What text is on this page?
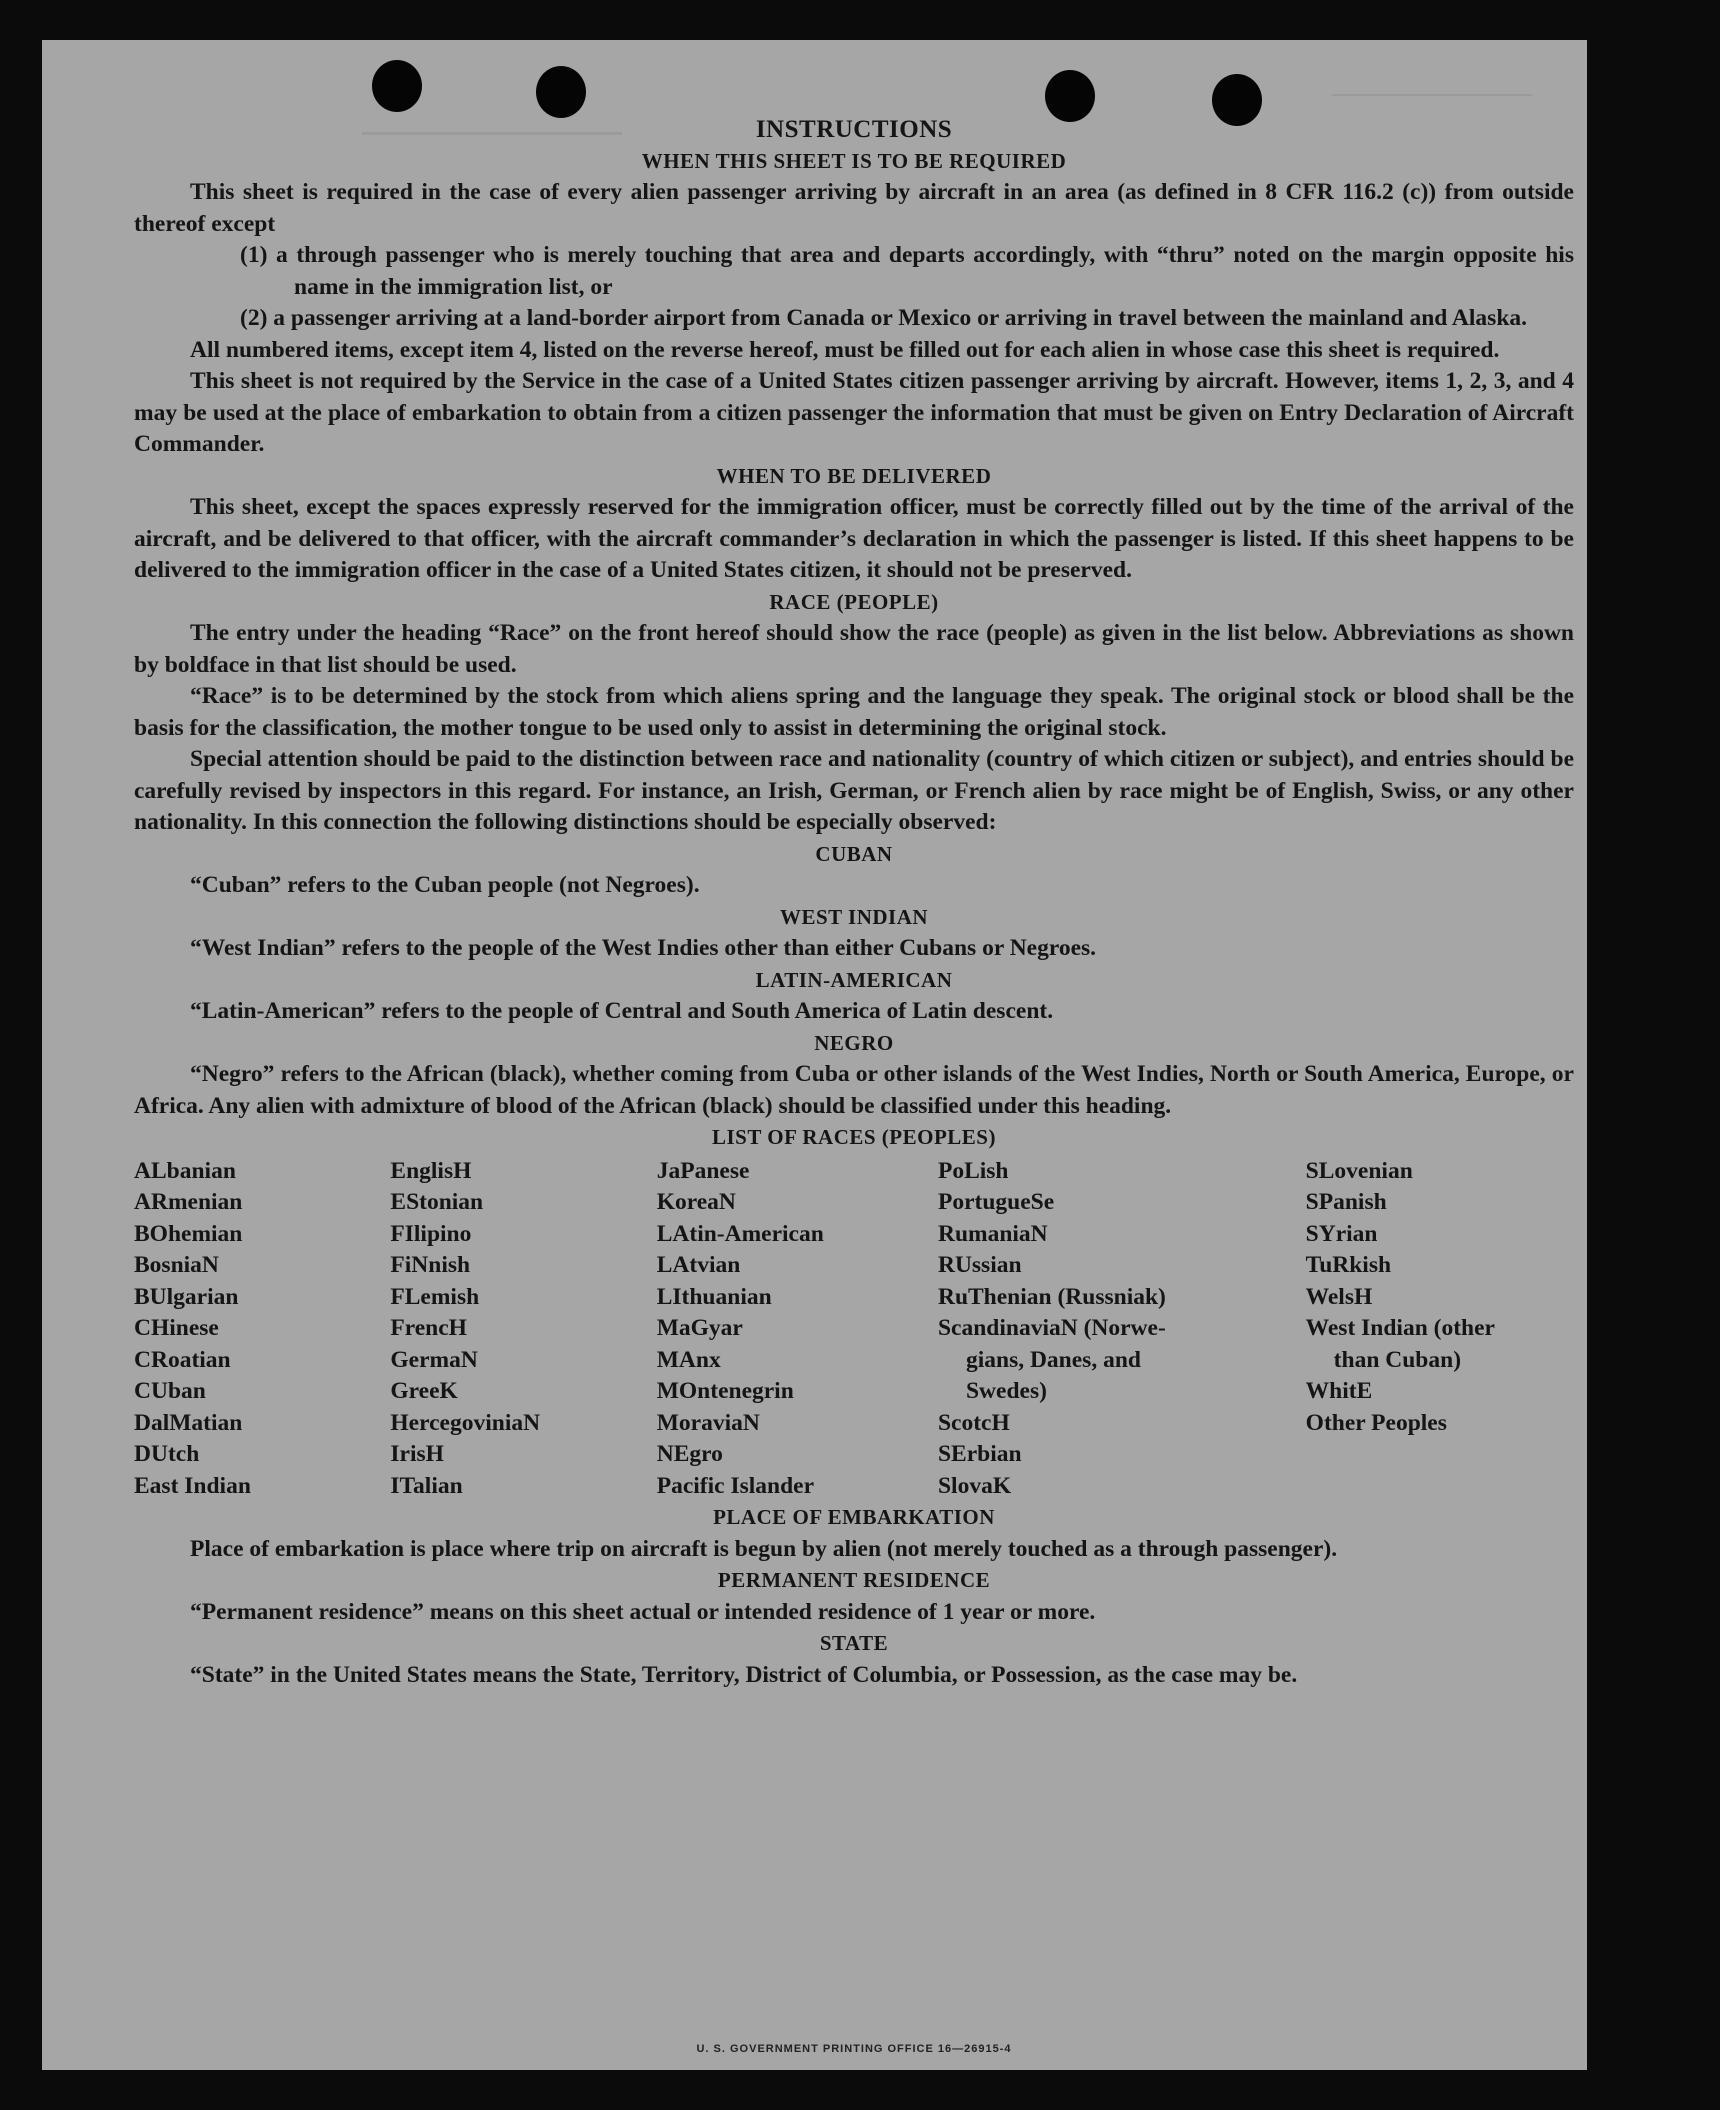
INSTRUCTIONS
WHEN THIS SHEET IS TO BE REQUIRED

This sheet is required in the case of every alien passenger arriving by aircraft in an area (as defined in 8 CFR 116.2 (c)) from outside thereof except

(1) a through passenger who is merely touching that area and departs accordingly, with “thru” noted on the margin opposite his name in the immigration list, or

(2) a passenger arriving at a land-border airport from Canada or Mexico or arriving in travel between the mainland and Alaska.

All numbered items, except item 4, listed on the reverse hereof, must be filled out for each alien in whose case this sheet is required.

This sheet is not required by the Service in the case of a United States citizen passenger arriving by aircraft. However, items 1, 2, 3, and 4 may be used at the place of embarkation to obtain from a citizen passenger the information that must be given on Entry Declaration of Aircraft Commander.

WHEN TO BE DELIVERED

This sheet, except the spaces expressly reserved for the immigration officer, must be correctly filled out by the time of the arrival of the aircraft, and be delivered to that officer, with the aircraft commander’s declaration in which the passenger is listed. If this sheet happens to be delivered to the immigration officer in the case of a United States citizen, it should not be preserved.

RACE (PEOPLE)

The entry under the heading “Race” on the front hereof should show the race (people) as given in the list below. Abbreviations as shown by boldface in that list should be used.

“Race” is to be determined by the stock from which aliens spring and the language they speak. The original stock or blood shall be the basis for the classification, the mother tongue to be used only to assist in determining the original stock.

Special attention should be paid to the distinction between race and nationality (country of which citizen or subject), and entries should be carefully revised by inspectors in this regard. For instance, an Irish, German, or French alien by race might be of English, Swiss, or any other nationality. In this connection the following distinctions should be especially observed:

CUBAN

“Cuban” refers to the Cuban people (not Negroes).

WEST INDIAN

“West Indian” refers to the people of the West Indies other than either Cubans or Negroes.

LATIN-AMERICAN

“Latin-American” refers to the people of Central and South America of Latin descent.

NEGRO

“Negro” refers to the African (black), whether coming from Cuba or other islands of the West Indies, North or South America, Europe, or Africa. Any alien with admixture of blood of the African (black) should be classified under this heading.

LIST OF RACES (PEOPLES)
ALbanian
ARmenian
BOhemian
BosniaN
BUlgarian
CHinese
CRoatian
CUban
DalMatian
DUtch
East Indian
EnglisH
EStonian
FIlipino
FiNnish
FLemish
FrencH
GermaN
GreeK
HercegoviniaN
IrisH
ITalian
JaPanese
KoreaN
LAtin-American
LAtvian
LIthuanian
MaGyar
MAnx
MOntenegrin
MoraviaN
NEgro
Pacific Islander
PoLish
PortugueSe
RumaniaN
RUssian
RuThenian (Russniak)
ScandinaviaN (Norwe-
gians, Danes, and
Swedes)
ScotcH
SErbian
SlovaK
SLovenian
SPanish
SYrian
TuRkish
WelsH
West Indian (other
than Cuban)
WhitE
Other Peoples
PLACE OF EMBARKATION

Place of embarkation is place where trip on aircraft is begun by alien (not merely touched as a through passenger).

PERMANENT RESIDENCE

“Permanent residence” means on this sheet actual or intended residence of 1 year or more.

STATE

“State” in the United States means the State, Territory, District of Columbia, or Possession, as the case may be.

U. S. GOVERNMENT PRINTING OFFICE 16—26915-4
